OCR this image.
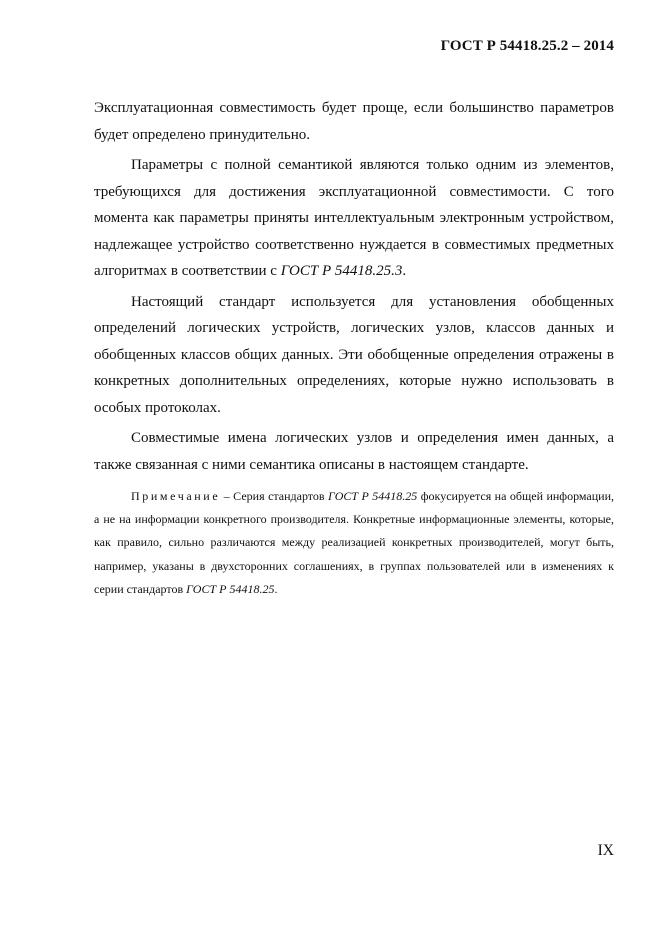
ГОСТ Р 54418.25.2 – 2014

Эксплуатационная совместимость будет проще, если большинство параметров будет определено принудительно.

Параметры с полной семантикой являются только одним из элементов, требующихся для достижения эксплуатационной совместимости. С того момента как параметры приняты интеллектуальным электронным устройством, надлежащее устройство соответственно нуждается в совместимых предметных алгоритмах в соответствии с ГОСТ Р 54418.25.3.

Настоящий стандарт используется для установления обобщенных определений логических устройств, логических узлов, классов данных и обобщенных классов общих данных. Эти обобщенные определения отражены в конкретных дополнительных определениях, которые нужно использовать в особых протоколах.

Совместимые имена логических узлов и определения имен данных, а также связанная с ними семантика описаны в настоящем стандарте.

Примечание – Серия стандартов ГОСТ Р 54418.25 фокусируется на общей информации, а не на информации конкретного производителя. Конкретные информационные элементы, которые, как правило, сильно различаются между реализацией конкретных производителей, могут быть, например, указаны в двухсторонних соглашениях, в группах пользователей или в изменениях к серии стандартов ГОСТ Р 54418.25.

IX
